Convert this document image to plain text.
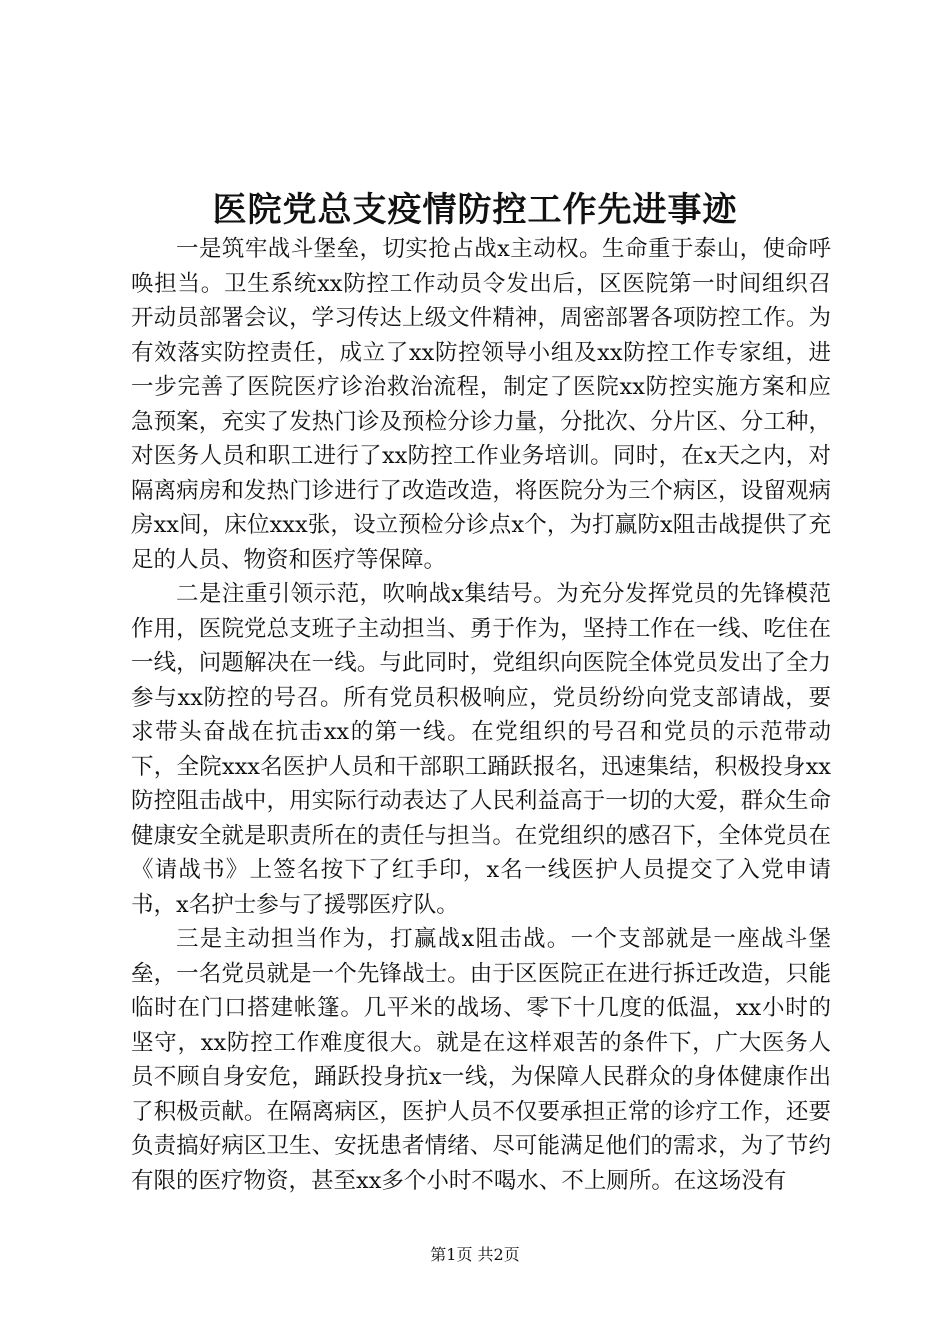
医院党总支疫情防控工作先进事迹

一是筑牢战斗堡垒，切实抢占战x主动权。生命重于泰山，使命呼唤担当。卫生系统xx防控工作动员令发出后，区医院第一时间组织召开动员部署会议，学习传达上级文件精神，周密部署各项防控工作。为有效落实防控责任，成立了xx防控领导小组及xx防控工作专家组，进一步完善了医院医疗诊治救治流程，制定了医院xx防控实施方案和应急预案，充实了发热门诊及预检分诊力量，分批次、分片区、分工种，对医务人员和职工进行了xx防控工作业务培训。同时，在x天之内，对隔离病房和发热门诊进行了改造改造，将医院分为三个病区，设留观病房xx间，床位xxx张，设立预检分诊点x个，为打赢防x阻击战提供了充足的人员、物资和医疗等保障。

二是注重引领示范，吹响战x集结号。为充分发挥党员的先锋模范作用，医院党总支班子主动担当、勇于作为，坚持工作在一线、吃住在一线，问题解决在一线。与此同时，党组织向医院全体党员发出了全力参与xx防控的号召。所有党员积极响应，党员纷纷向党支部请战，要求带头奋战在抗击xx的第一线。在党组织的号召和党员的示范带动下，全院xxx名医护人员和干部职工踊跃报名，迅速集结，积极投身xx防控阻击战中，用实际行动表达了人民利益高于一切的大爱，群众生命健康安全就是职责所在的责任与担当。在党组织的感召下，全体党员在《请战书》上签名按下了红手印，x名一线医护人员提交了入党申请书，x名护士参与了援鄂医疗队。

三是主动担当作为，打赢战x阻击战。一个支部就是一座战斗堡垒，一名党员就是一个先锋战士。由于区医院正在进行拆迁改造，只能临时在门口搭建帐篷。几平米的战场、零下十几度的低温，xx小时的坚守，xx防控工作难度很大。就是在这样艰苦的条件下，广大医务人员不顾自身安危，踊跃投身抗x一线，为保障人民群众的身体健康作出了积极贡献。在隔离病区，医护人员不仅要承担正常的诊疗工作，还要负责搞好病区卫生、安抚患者情绪、尽可能满足他们的需求，为了节约有限的医疗物资，甚至xx多个小时不喝水、不上厕所。在这场没有

第1页 共2页
